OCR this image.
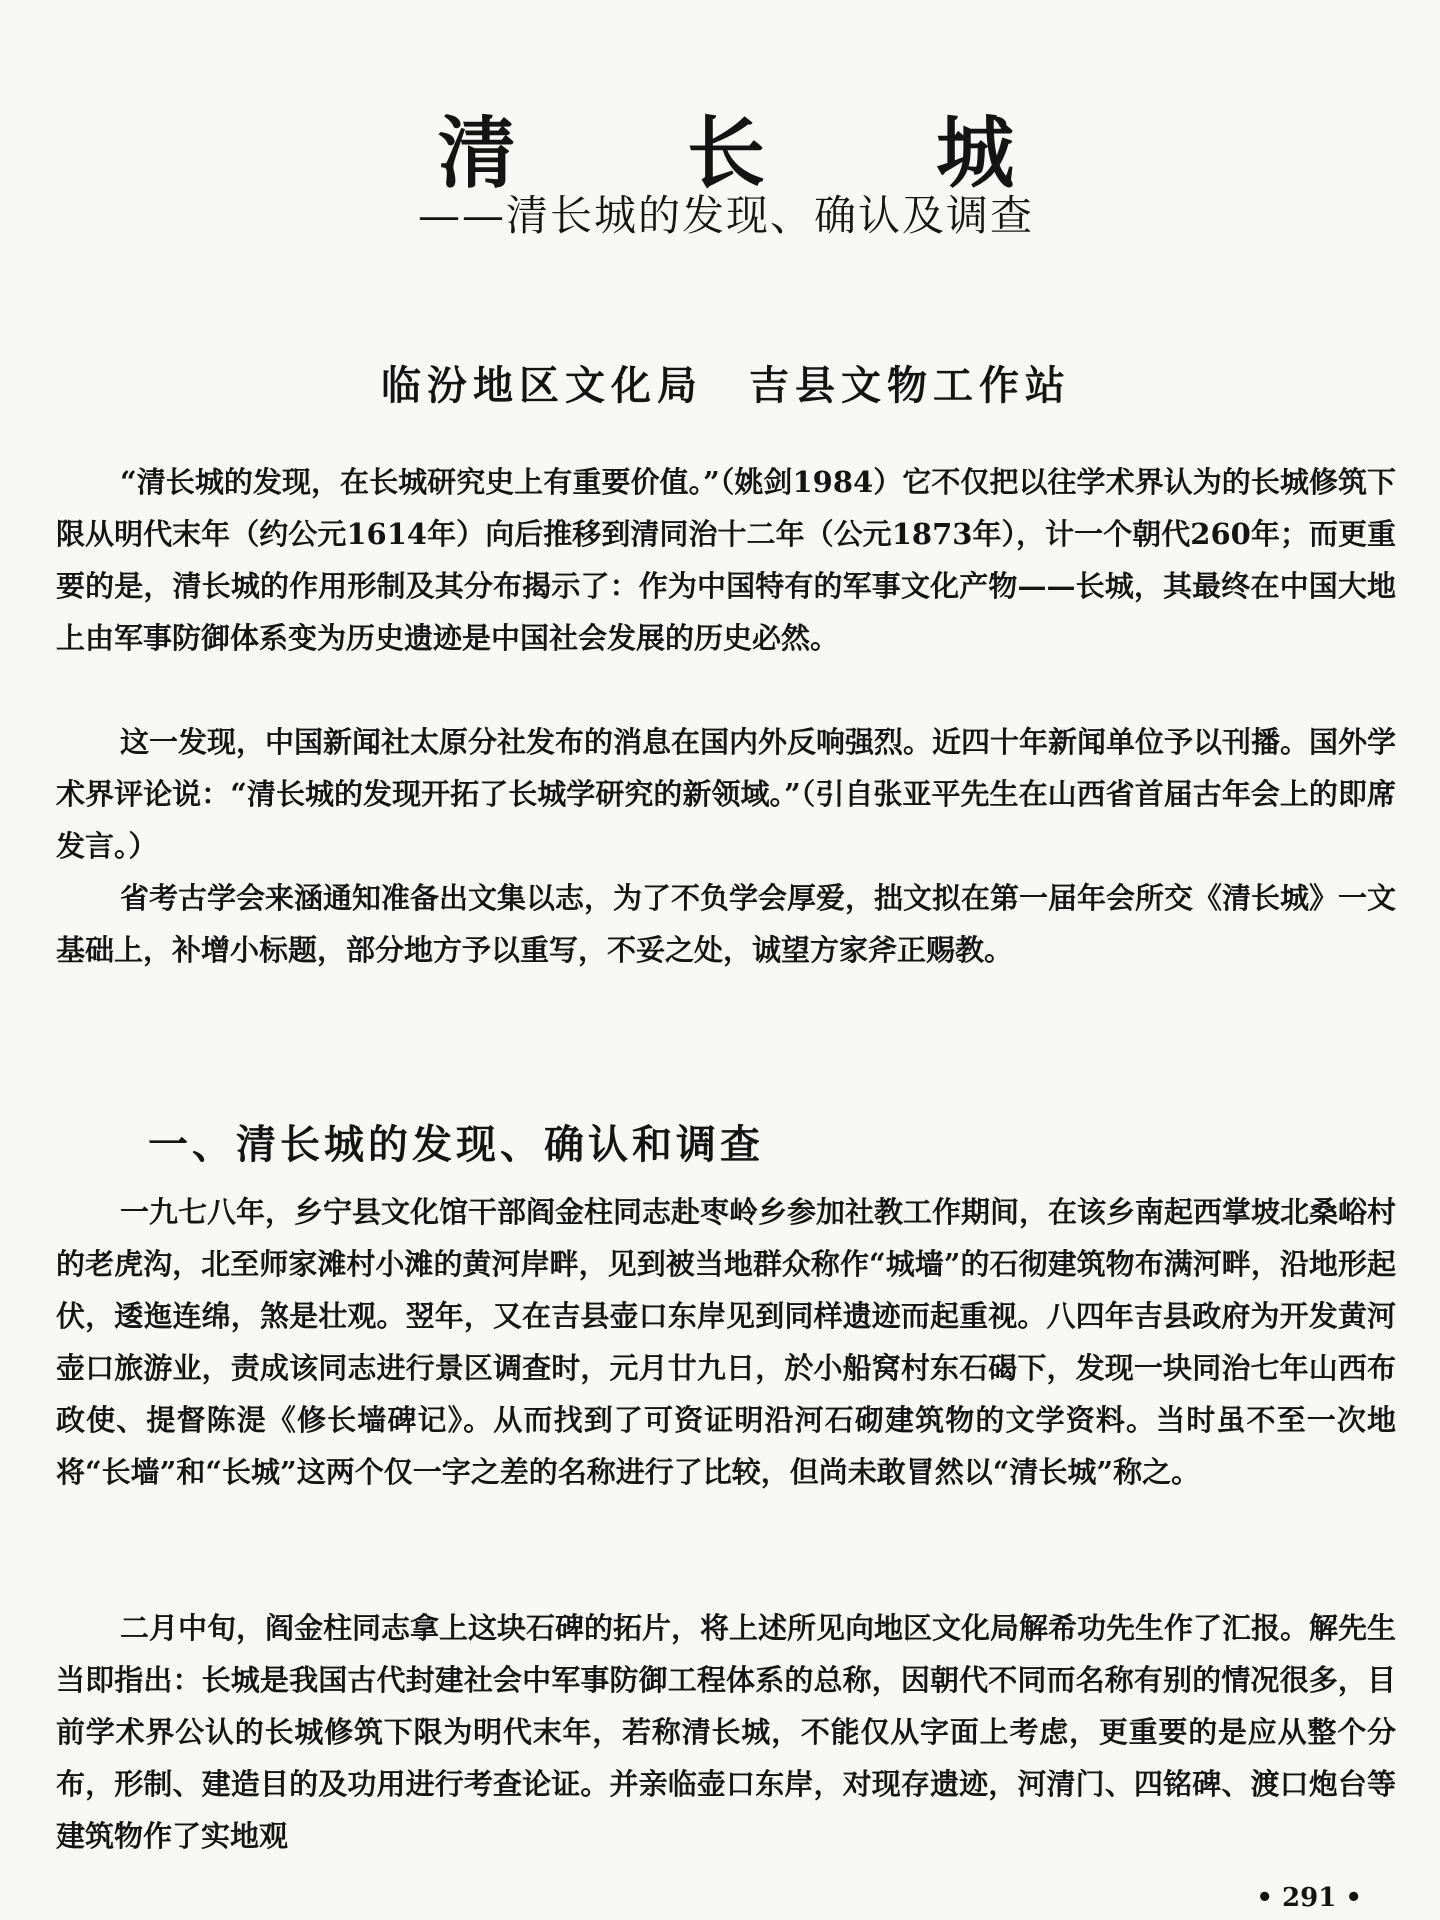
清 长 城
——清长城的发现、确认及调查
临汾地区文化局　吉县文物工作站

“清长城的发现，在长城研究史上有重要价值。”（姚剑1984）它不仅把以往学术界认为的长城修筑下限从明代末年（约公元1614年）向后推移到清同治十二年（公元1873年），计一个朝代260年；而更重要的是，清长城的作用形制及其分布揭示了：作为中国特有的军事文化产物——长城，其最终在中国大地上由军事防御体系变为历史遗迹是中国社会发展的历史必然。

这一发现，中国新闻社太原分社发布的消息在国内外反响强烈。近四十年新闻单位予以刊播。国外学术界评论说：“清长城的发现开拓了长城学研究的新领域。”（引自张亚平先生在山西省首届古年会上的即席发言。）

省考古学会来涵通知准备出文集以志，为了不负学会厚爱，拙文拟在第一届年会所交《清长城》一文基础上，补增小标题，部分地方予以重写，不妥之处，诚望方家斧正赐教。

一、清长城的发现、确认和调查

一九七八年，乡宁县文化馆干部阎金柱同志赴枣岭乡参加社教工作期间，在该乡南起西掌坡北桑峪村的老虎沟，北至师家滩村小滩的黄河岸畔，见到被当地群众称作“城墙”的石彻建筑物布满河畔，沿地形起伏，逶迤连绵，煞是壮观。翌年，又在吉县壶口东岸见到同样遗迹而起重视。八四年吉县政府为开发黄河壶口旅游业，责成该同志进行景区调查时，元月廿九日，於小船窝村东石碣下，发现一块同治七年山西布政使、提督陈湜《修长墙碑记》。从而找到了可资证明沿河石砌建筑物的文学资料。当时虽不至一次地将“长墙”和“长城”这两个仅一字之差的名称进行了比较，但尚未敢冒然以“清长城”称之。

二月中旬，阎金柱同志拿上这块石碑的拓片，将上述所见向地区文化局解希功先生作了汇报。解先生当即指出：长城是我国古代封建社会中军事防御工程体系的总称，因朝代不同而名称有别的情况很多，目前学术界公认的长城修筑下限为明代末年，若称清长城，不能仅从字面上考虑，更重要的是应从整个分布，形制、建造目的及功用进行考查论证。并亲临壶口东岸，对现存遗迹，河清门、四铭碑、渡口炮台等建筑物作了实地观

• 291 •
